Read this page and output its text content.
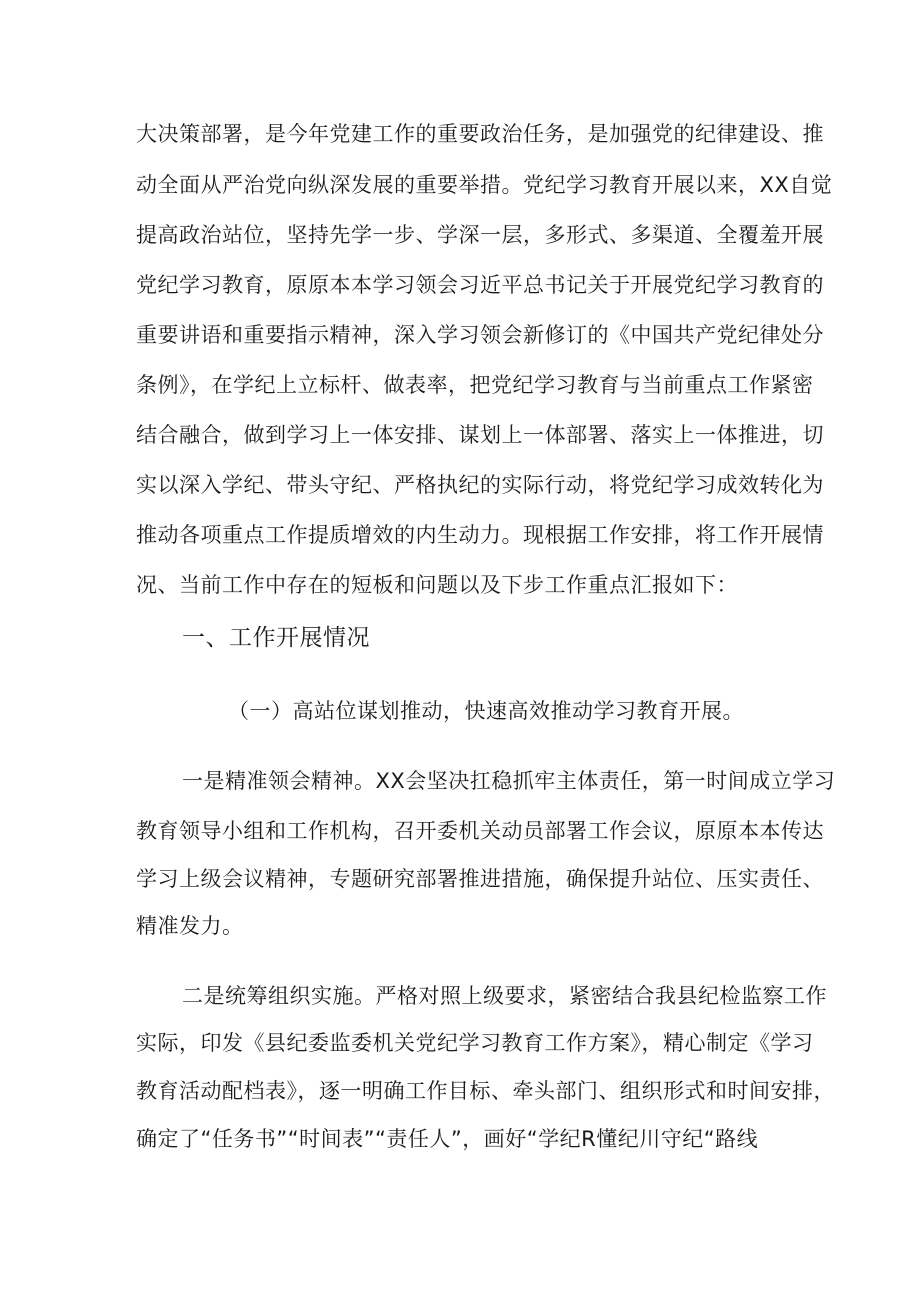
大决策部署，是今年党建工作的重要政治任务，是加强党的纪律建设、推
动全面从严治党向纵深发展的重要举措。党纪学习教育开展以来，XX自觉
提高政治站位，坚持先学一步、学深一层，多形式、多渠道、全覆羞开展
党纪学习教育，原原本本学习领会习近平总书记关于开展党纪学习教育的
重要讲语和重要指示精神，深入学习领会新修订的《中国共产党纪律处分
条例》，在学纪上立标杆、做表率，把党纪学习教育与当前重点工作紧密
结合融合，做到学习上一体安排、谋划上一体部署、落实上一体推进，切
实以深入学纪、带头守纪、严格执纪的实际行动，将党纪学习成效转化为
推动各项重点工作提质增效的内生动力。现根据工作安排，将工作开展情
况、当前工作中存在的短板和问题以及下步工作重点汇报如下：
一、工作开展情况
（一）高站位谋划推动，快速高效推动学习教育开展。
一是精准领会精神。XX会坚决扛稳抓牢主体责任，第一时间成立学习
教育领导小组和工作机构，召开委机关动员部署工作会议，原原本本传达
学习上级会议精神，专题研究部署推进措施，确保提升站位、压实责任、
精准发力。
二是统筹组织实施。严格对照上级要求，紧密结合我县纪检监察工作
实际，印发《县纪委监委机关党纪学习教育工作方案》，精心制定《学习
教育活动配档表》，逐一明确工作目标、牵头部门、组织形式和时间安排，
确定了“任务书”“时间表”“责任人”，画好“学纪R懂纪川守纪“路线
